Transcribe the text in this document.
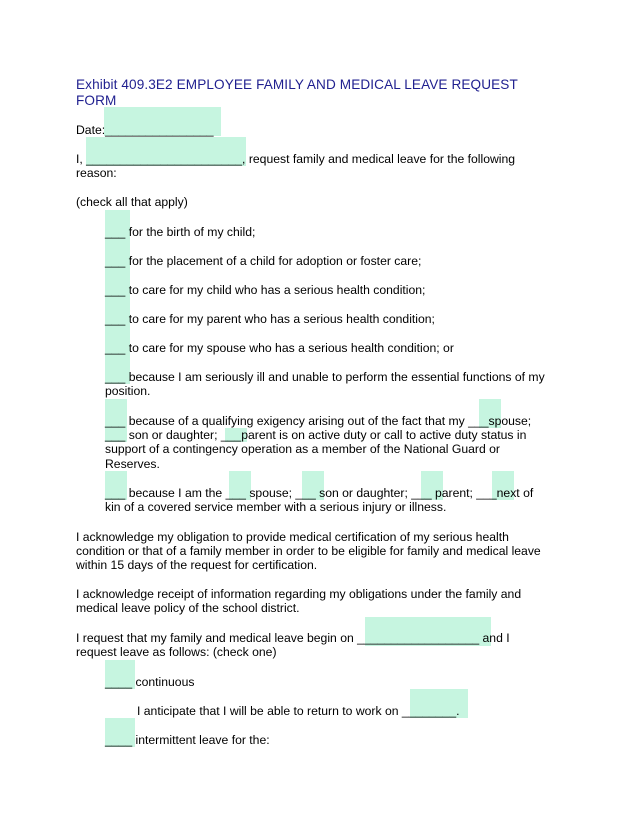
Exhibit 409.3E2 EMPLOYEE FAMILY AND MEDICAL LEAVE REQUEST
FORM
Date:________________
I, _______________________, request family and medical leave for the following
reason:
(check all that apply)
___ for the birth of my child;
___ for the placement of a child for adoption or foster care;
___ to care for my child who has a serious health condition;
___ to care for my parent who has a serious health condition;
___ to care for my spouse who has a serious health condition; or
___ because I am seriously ill and unable to perform the essential functions of my
position.
___ because of a qualifying exigency arising out of the fact that my ___spouse;
___ son or daughter; ___parent is on active duty or call to active duty status in
support of a contingency operation as a member of the National Guard or
Reserves.
___ because I am the ___ spouse; ___ son or daughter; ___ parent; ___next of
kin of a covered service member with a serious injury or illness.
I acknowledge my obligation to provide medical certification of my serious health
condition or that of a family member in order to be eligible for family and medical leave
within 15 days of the request for certification.
I acknowledge receipt of information regarding my obligations under the family and
medical leave policy of the school district.
I request that my family and medical leave begin on __________________ and I
request leave as follows: (check one)
____ continuous
I anticipate that I will be able to return to work on ________.
____ intermittent leave for the:
